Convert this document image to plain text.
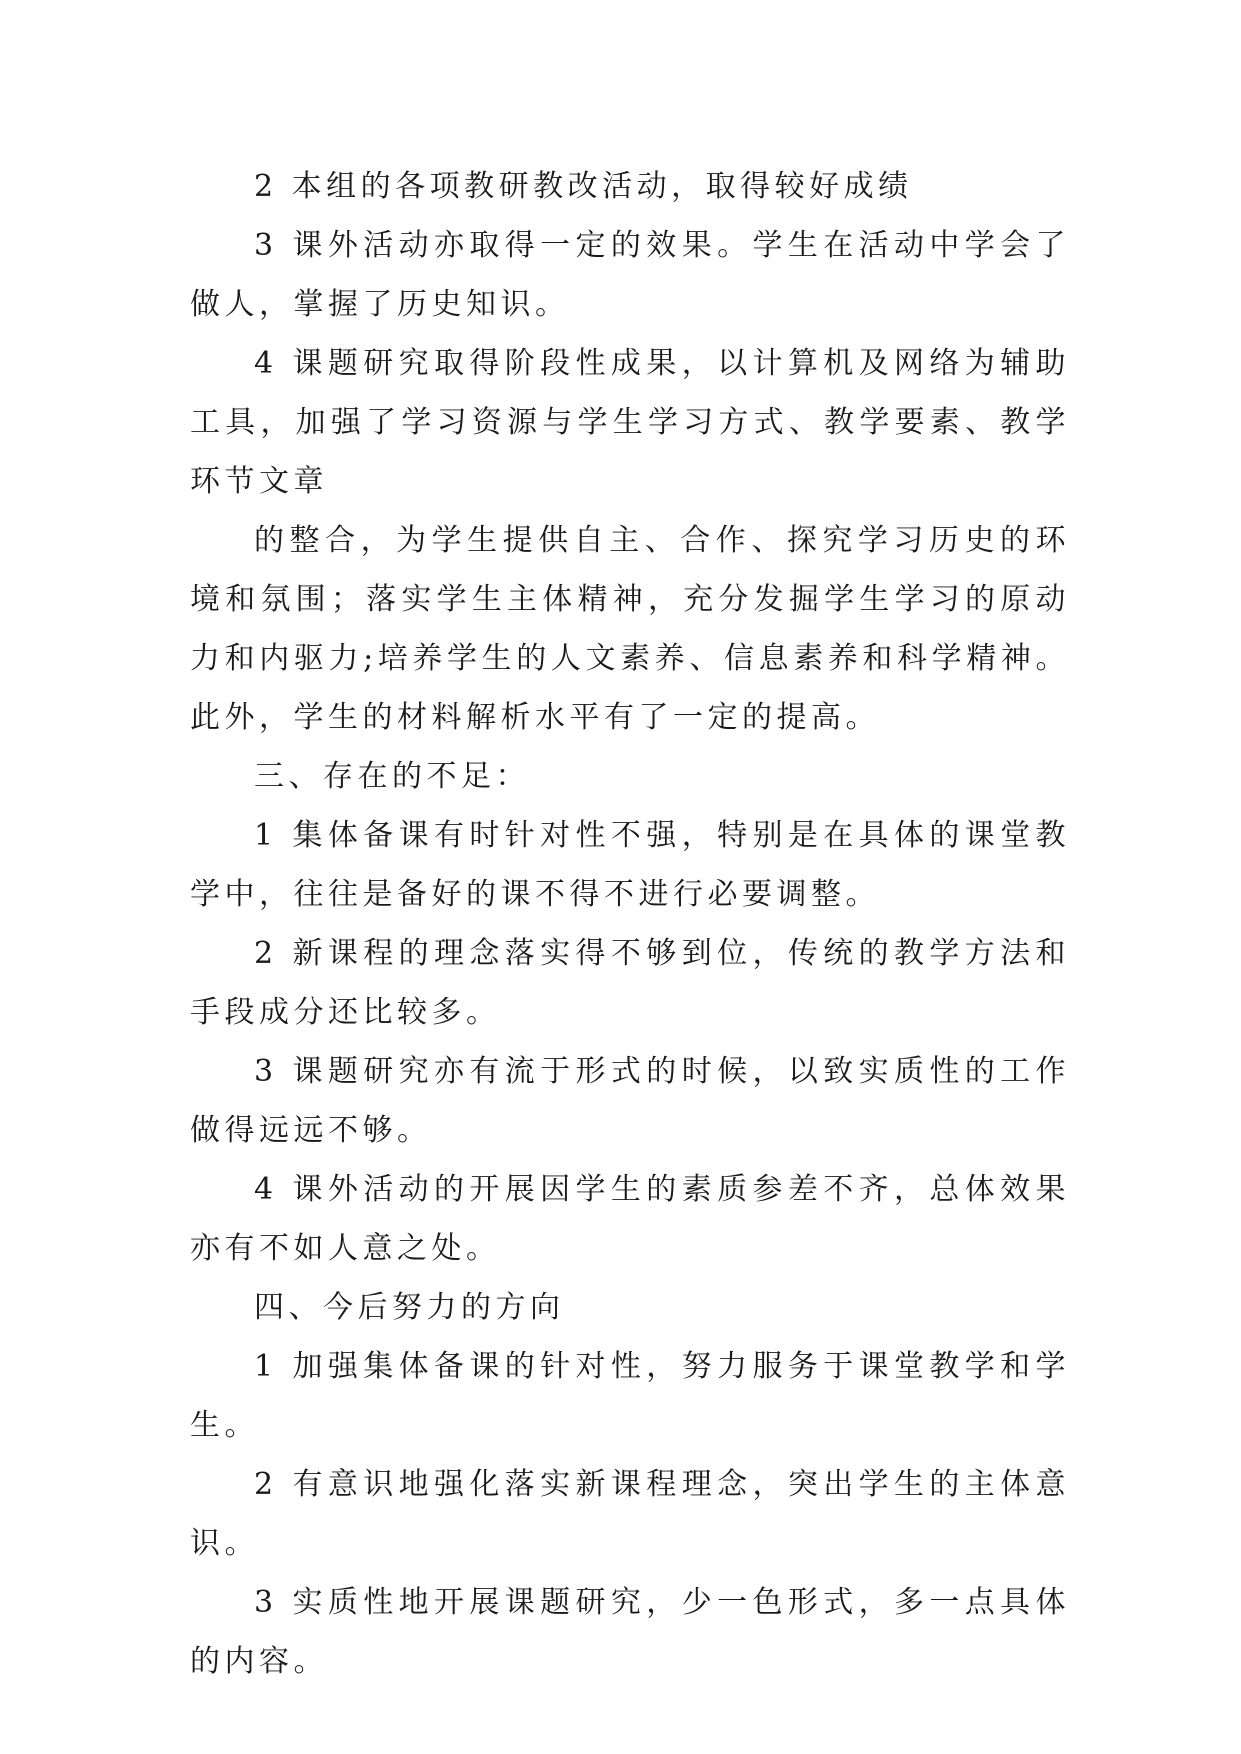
2 本组的各项教研教改活动，取得较好成绩

3 课外活动亦取得一定的效果。学生在活动中学会了做人，掌握了历史知识。

4 课题研究取得阶段性成果，以计算机及网络为辅助工具，加强了学习资源与学生学习方式、教学要素、教学环节文章

的整合，为学生提供自主、合作、探究学习历史的环境和氛围；落实学生主体精神，充分发掘学生学习的原动力和内驱力;培养学生的人文素养、信息素养和科学精神。此外，学生的材料解析水平有了一定的提高。

三、存在的不足：

1 集体备课有时针对性不强，特别是在具体的课堂教学中，往往是备好的课不得不进行必要调整。

2 新课程的理念落实得不够到位，传统的教学方法和手段成分还比较多。

3 课题研究亦有流于形式的时候，以致实质性的工作做得远远不够。

4 课外活动的开展因学生的素质参差不齐，总体效果亦有不如人意之处。

四、今后努力的方向

1 加强集体备课的针对性，努力服务于课堂教学和学生。

2 有意识地强化落实新课程理念，突出学生的主体意识。

3 实质性地开展课题研究，少一色形式，多一点具体的内容。
